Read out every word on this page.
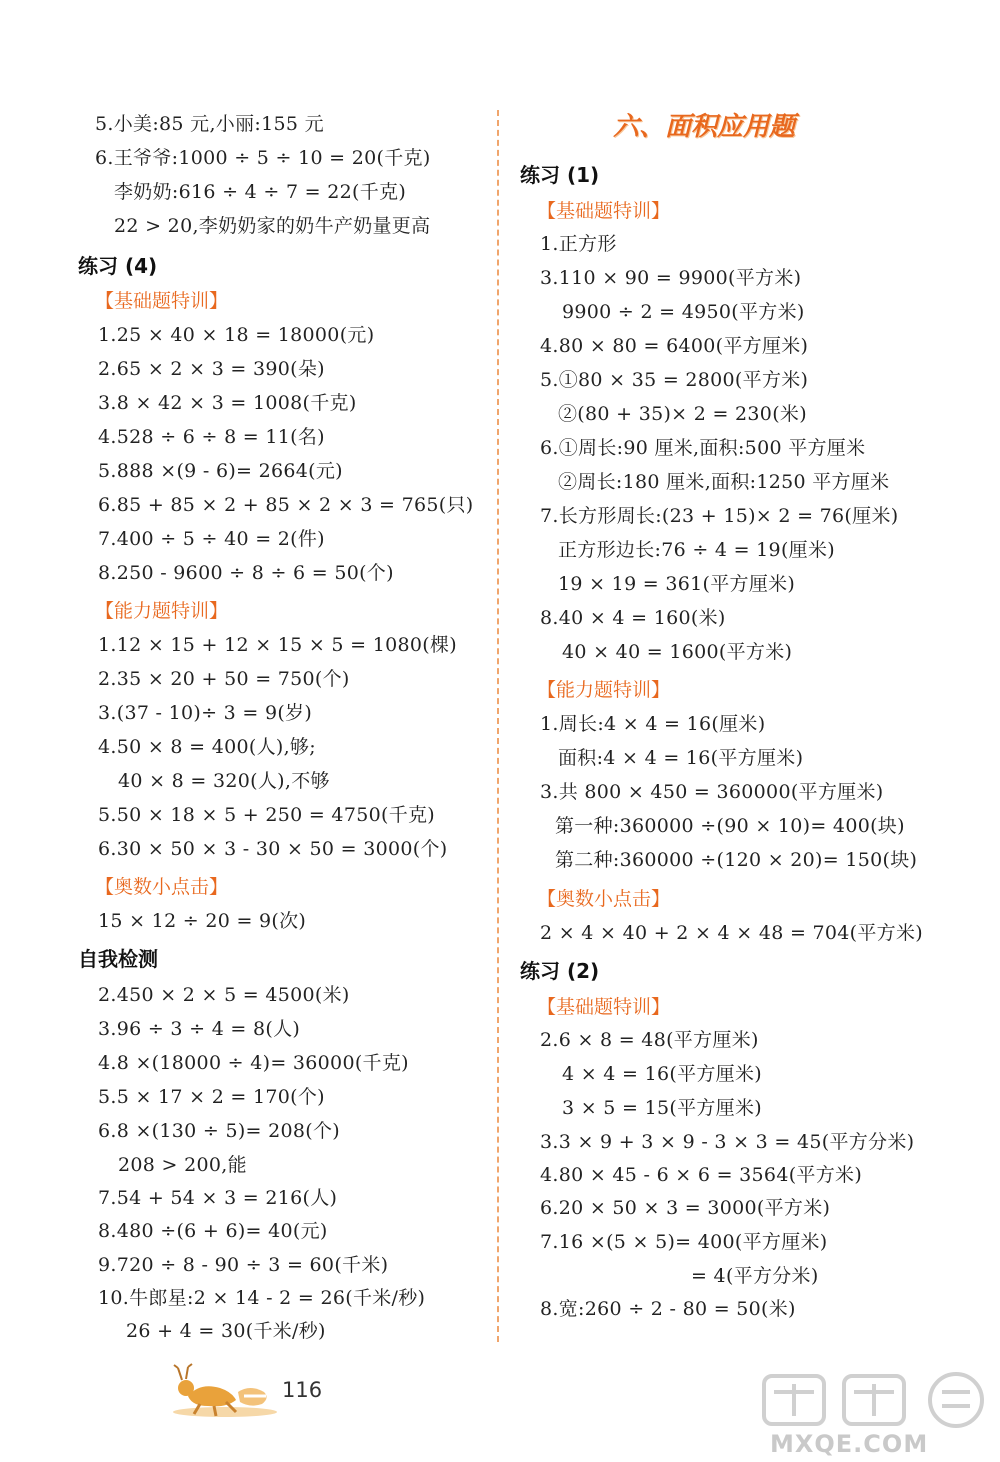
5.小美:85 元,小丽:155 元
6.王爷爷:1000 ÷ 5 ÷ 10 = 20(千克)
李奶奶:616 ÷ 4 ÷ 7 = 22(千克)
22 > 20,李奶奶家的奶牛产奶量更高
练习 (4)
【基础题特训】
1.25 × 40 × 18 = 18000(元)
2.65 × 2 × 3 = 390(朵)
3.8 × 42 × 3 = 1008(千克)
4.528 ÷ 6 ÷ 8 = 11(名)
5.888 ×(9 - 6)= 2664(元)
6.85 + 85 × 2 + 85 × 2 × 3 = 765(只)
7.400 ÷ 5 ÷ 40 = 2(件)
8.250 - 9600 ÷ 8 ÷ 6 = 50(个)
【能力题特训】
1.12 × 15 + 12 × 15 × 5 = 1080(棵)
2.35 × 20 + 50 = 750(个)
3.(37 - 10)÷ 3 = 9(岁)
4.50 × 8 = 400(人),够;
40 × 8 = 320(人),不够
5.50 × 18 × 5 + 250 = 4750(千克)
6.30 × 50 × 3 - 30 × 50 = 3000(个)
【奥数小点击】
15 × 12 ÷ 20 = 9(次)
自我检测
2.450 × 2 × 5 = 4500(米)
3.96 ÷ 3 ÷ 4 = 8(人)
4.8 ×(18000 ÷ 4)= 36000(千克)
5.5 × 17 × 2 = 170(个)
6.8 ×(130 ÷ 5)= 208(个)
208 > 200,能
7.54 + 54 × 3 = 216(人)
8.480 ÷(6 + 6)= 40(元)
9.720 ÷ 8 - 90 ÷ 3 = 60(千米)
10.牛郎星:2 × 14 - 2 = 26(千米/秒)
26 + 4 = 30(千米/秒)
六、面积应用题
练习 (1)
【基础题特训】
1.正方形
3.110 × 90 = 9900(平方米)
9900 ÷ 2 = 4950(平方米)
4.80 × 80 = 6400(平方厘米)
5.①80 × 35 = 2800(平方米)
②(80 + 35)× 2 = 230(米)
6.①周长:90 厘米,面积:500 平方厘米
②周长:180 厘米,面积:1250 平方厘米
7.长方形周长:(23 + 15)× 2 = 76(厘米)
正方形边长:76 ÷ 4 = 19(厘米)
19 × 19 = 361(平方厘米)
8.40 × 4 = 160(米)
40 × 40 = 1600(平方米)
【能力题特训】
1.周长:4 × 4 = 16(厘米)
面积:4 × 4 = 16(平方厘米)
3.共 800 × 450 = 360000(平方厘米)
第一种:360000 ÷(90 × 10)= 400(块)
第二种:360000 ÷(120 × 20)= 150(块)
【奥数小点击】
2 × 4 × 40 + 2 × 4 × 48 = 704(平方米)
练习 (2)
【基础题特训】
2.6 × 8 = 48(平方厘米)
4 × 4 = 16(平方厘米)
3 × 5 = 15(平方厘米)
3.3 × 9 + 3 × 9 - 3 × 3 = 45(平方分米)
4.80 × 45 - 6 × 6 = 3564(平方米)
6.20 × 50 × 3 = 3000(平方米)
7.16 ×(5 × 5)= 400(平方厘米)
= 4(平方分米)
8.宽:260 ÷ 2 - 80 = 50(米)
116
MXQE.COM
